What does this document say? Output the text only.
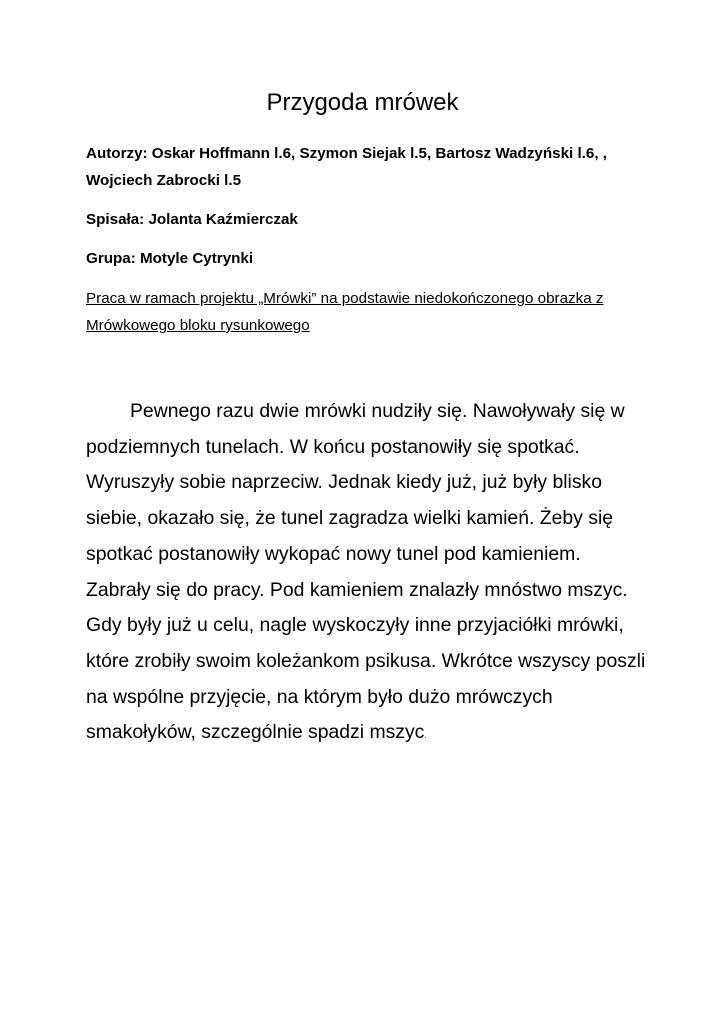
Przygoda mrówek
Autorzy: Oskar Hoffmann l.6, Szymon Siejak l.5, Bartosz Wadzyński l.6, , Wojciech Zabrocki l.5
Spisała: Jolanta Kaźmierczak
Grupa: Motyle Cytrynki
Praca w ramach projektu „Mrówki” na podstawie niedokończonego obrazka z Mrówkowego bloku rysunkowego

Pewnego razu dwie mrówki nudziły się. Nawoływały się w podziemnych tunelach. W końcu postanowiły się spotkać. Wyruszyły sobie naprzeciw. Jednak kiedy już, już były blisko siebie, okazało się, że tunel zagradza wielki kamień. Żeby się spotkać postanowiły wykopać nowy tunel pod kamieniem. Zabrały się do pracy. Pod kamieniem znalazły mnóstwo mszyc. Gdy były już u celu, nagle wyskoczyły inne przyjaciółki mrówki, które zrobiły swoim koleżankom psikusa. Wkrótce wszyscy poszli na wspólne przyjęcie, na którym było dużo mrówczych smakołyków, szczególnie spadzi mszyc.
